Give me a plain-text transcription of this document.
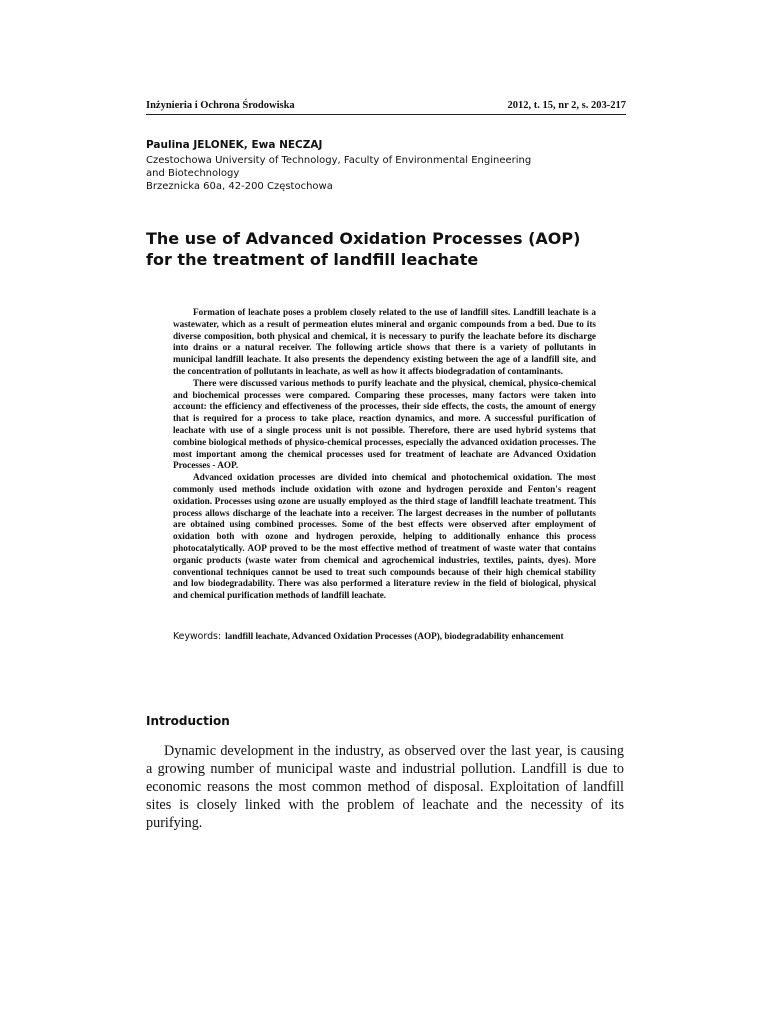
Inżynieria i Ochrona Środowiska	2012, t. 15, nr 2, s. 203-217
Paulina JELONEK, Ewa NECZAJ
Czestochowa University of Technology, Faculty of Environmental Engineering
and Biotechnology
Brzeznicka 60a, 42-200 Częstochowa
The use of Advanced Oxidation Processes (AOP)
for the treatment of landfill leachate

Formation of leachate poses a problem closely related to the use of landfill sites. Landfill leachate is a wastewater, which as a result of permeation elutes mineral and organic compounds from a bed. Due to its diverse composition, both physical and chemical, it is necessary to purify the leachate before its discharge into drains or a natural receiver. The following article shows that there is a variety of pollutants in municipal landfill leachate. It also presents the dependency existing between the age of a landfill site, and the concentration of pollutants in leachate, as well as how it affects biodegradation of contaminants.

There were discussed various methods to purify leachate and the physical, chemical, physico-chemical and biochemical processes were compared. Comparing these processes, many factors were taken into account: the efficiency and effectiveness of the processes, their side effects, the costs, the amount of energy that is required for a process to take place, reaction dynamics, and more. A successful purification of leachate with use of a single process unit is not possible. Therefore, there are used hybrid systems that combine biological methods of physico-chemical processes, especially the advanced oxidation processes. The most important among the chemical processes used for treatment of leachate are Advanced Oxidation Processes - AOP.

Advanced oxidation processes are divided into chemical and photochemical oxidation. The most commonly used methods include oxidation with ozone and hydrogen peroxide and Fenton's reagent oxidation. Processes using ozone are usually employed as the third stage of landfill leachate treatment. This process allows discharge of the leachate into a receiver. The largest decreases in the number of pollutants are obtained using combined processes. Some of the best effects were observed after employment of oxidation both with ozone and hydrogen peroxide, helping to additionally enhance this process photocatalytically. AOP proved to be the most effective method of treatment of waste water that contains organic products (waste water from chemical and agrochemical industries, textiles, paints, dyes). More conventional techniques cannot be used to treat such compounds because of their high chemical stability and low biodegradability. There was also performed a literature review in the field of biological, physical and chemical purification methods of landfill leachate.

Keywords: landfill leachate, Advanced Oxidation Processes (AOP), biodegradability enhancement
Introduction

Dynamic development in the industry, as observed over the last year, is causing a growing number of municipal waste and industrial pollution. Landfill is due to economic reasons the most common method of disposal. Exploitation of landfill sites is closely linked with the problem of leachate and the necessity of its purifying.
